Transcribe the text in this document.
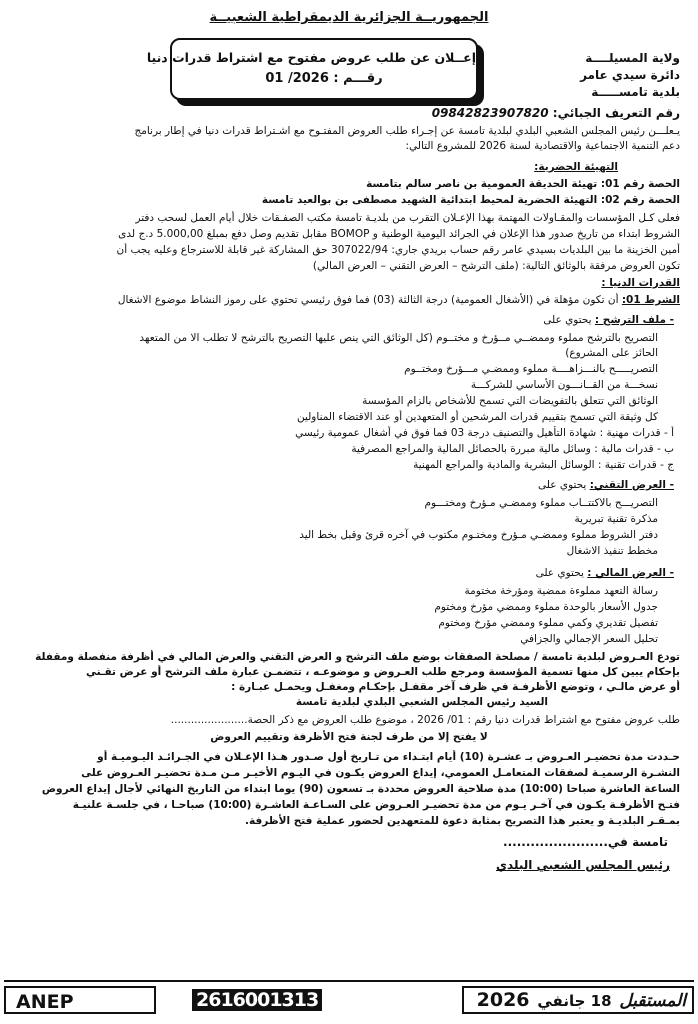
الجمهوريــة الجزائرية الديمقراطية الشعبيــة
ولاية المسيلــــة
دائرة سيدي عامر
بلدية تامســـــة
رقم التعريف الجبائي: 09842823907820
إعــلان عن طلب عروض مفتوح مع اشتراط قدرات دنيا
رقـــم : 01 /2026
يـعلـــن رئيس المجلس الشعبي البلدي لبلدية تامسة عن إجـراء طلب العروض المفتـوح مع اشـتراط قدرات دنيا في إطار برنامج
دعم التنمية الاجتماعية والاقتصادية لسنة 2026 للمشروع التالي:
التهيئة الحضرية:
الحصة رقم 01: تهيئة الحديقة العمومية بن ناصر سالم بتامسة
الحصة رقم 02: التهيئة الحضرية لمحيط ابتدائية الشهيد مصطفى بن بوالعيد تامسة
فعلى كـل المؤسسات والمقـاولات المهتمة بهذا الإعـلان التقرب من بلديـة تامسة مكتب الصفـقات خلال أيام العمل لسحب دفتر
الشروط ابتداء من تاريخ صدور هذا الإعلان في الجرائد اليومية الوطنية و BOMOP مقابل تقديم وصل دفع بمبلغ 5.000,00 د.ج لدى
أمين الخزينة ما بين البلديات بسيدي عامر رقم حساب بريدي جاري: 307022/94 حق المشاركة غير قابلة للاسترجاع وعليه يجب أن
تكون العروض مرفقة بالوثائق التالية: (ملف الترشح – العرض التقني – العرض المالي)
القدرات الدنيا :
الشرط 01: أن تكون مؤهلة في (الأشغال العمومية) درجة الثالثة (03) فما فوق رئيسي تحتوي على رموز النشاط موضوع الاشغال
- ملف الترشح : يحتوي على
التصريح بالترشح مملوء وممضــي مــؤرخ و مختــوم (كل الوثائق التي ينص عليها التصريح بالترشح لا تطلب الا من المتعهد
الحائز على المشروع)
التصريـــــح بالنـــزاهــــة مملوء وممضـي مـــؤرخ ومختــوم
نسخـــة من القــانـــون الأساسي للشركـــة
الوثائق التي تتعلق بالتفويضات التي تسمح للأشخاص بالزام المؤسسة
كل وثيقة التي تسمح بتقييم قدرات المرشحين أو المتعهدين أو عند الاقتضاء المناولين
أ - قدرات مهنية : شهادة التأهيل والتصنيف درجة 03 فما فوق في أشغال عمومية رئيسي
ب - قدرات مالية : وسائل مالية مبررة بالحصائل المالية والمراجع المصرفية
ج - قدرات تقنية : الوسائل البشرية والمادية والمراجع المهنية
- العرض التقني: يحتوي على
التصريـــح بالاكتتــاب مملوء وممضـي مـؤرخ ومختـــوم
مذكرة تقنية تبريرية
دفتر الشروط مملوء وممضـي مـؤرخ ومختـوم مكتوب في آخره قرئ وقبل بخط اليد
مخطط تنفيذ الاشغال
- العرض المالي : يحتوي على
رسالة التعهد مملوءة ممضية ومؤرخة مختومة
جدول الأسعار بالوحدة مملوء وممضي مؤرخ ومختوم
تفصيل تقديري وكمي مملوء وممضي مؤرخ ومختوم
تحليل السعر الإجمالي والجزافي
تودع العـروض لبلدية تامسة / مصلحة الصفقات بوضع ملف الترشح و العرض التقني والعرض المالي في أظرفة منفصلة ومقفلة
بإحكام يبين كل منها تسمية المؤسسة ومرجع طلب العـروض و موضوعـه ، تتضمـن عبارة ملف الترشح أو عرض تقـني
أو عرض مالـي ، وتوضع الأظرفـة في ظرف آخر مقفـل بإحكـام ومغفـل ويحمـل عبـارة :
السيد رئيس المجلس الشعبي البلدي لبلدية تامسة
طلب عروض مفتوح مع اشتراط قدرات دنيا رقم : 01/ 2026 ، موضوع طلب العروض مع ذكر الحصة.......................
لا يفتح إلا من طرف لجنة فتح الأظرفة وتقييم العروض
حـددت مدة تحضيـر العـروض بـ عشـرة (10) أيام ابتـداء من تـاريخ أول صـدور هـذا الإعـلان في الجـرائـد اليـوميـة أو
النشـرة الرسميـة لصفقات المتعامـل العمومي، إيداع العروض يكـون في اليـوم الأخيـر مـن مـدة تحضيـر العـروض على
الساعة العاشرة صباحا (10:00) مدة صلاحية العروض محددة بـ تسعون (90) يوما ابتداء من التاريخ النهائي لأجال إيداع العروض
فتـح الأظرفـة يكـون في آخـر يـوم من مدة تحضيـر العـروض على السـاعـة العاشـرة (10:00) صباحـا ، في جلسـة علنيـة
بمـقـر البلديـة و يعتبر هذا التصريح بمثابة دعوة للمتعهدين لحضور عملية فتح الأظرفة.
تامسة في.......................
رئيس المجلس الشعبي البلدي
ANEP	2616001313	المستقبل 18 جانفي 2026
